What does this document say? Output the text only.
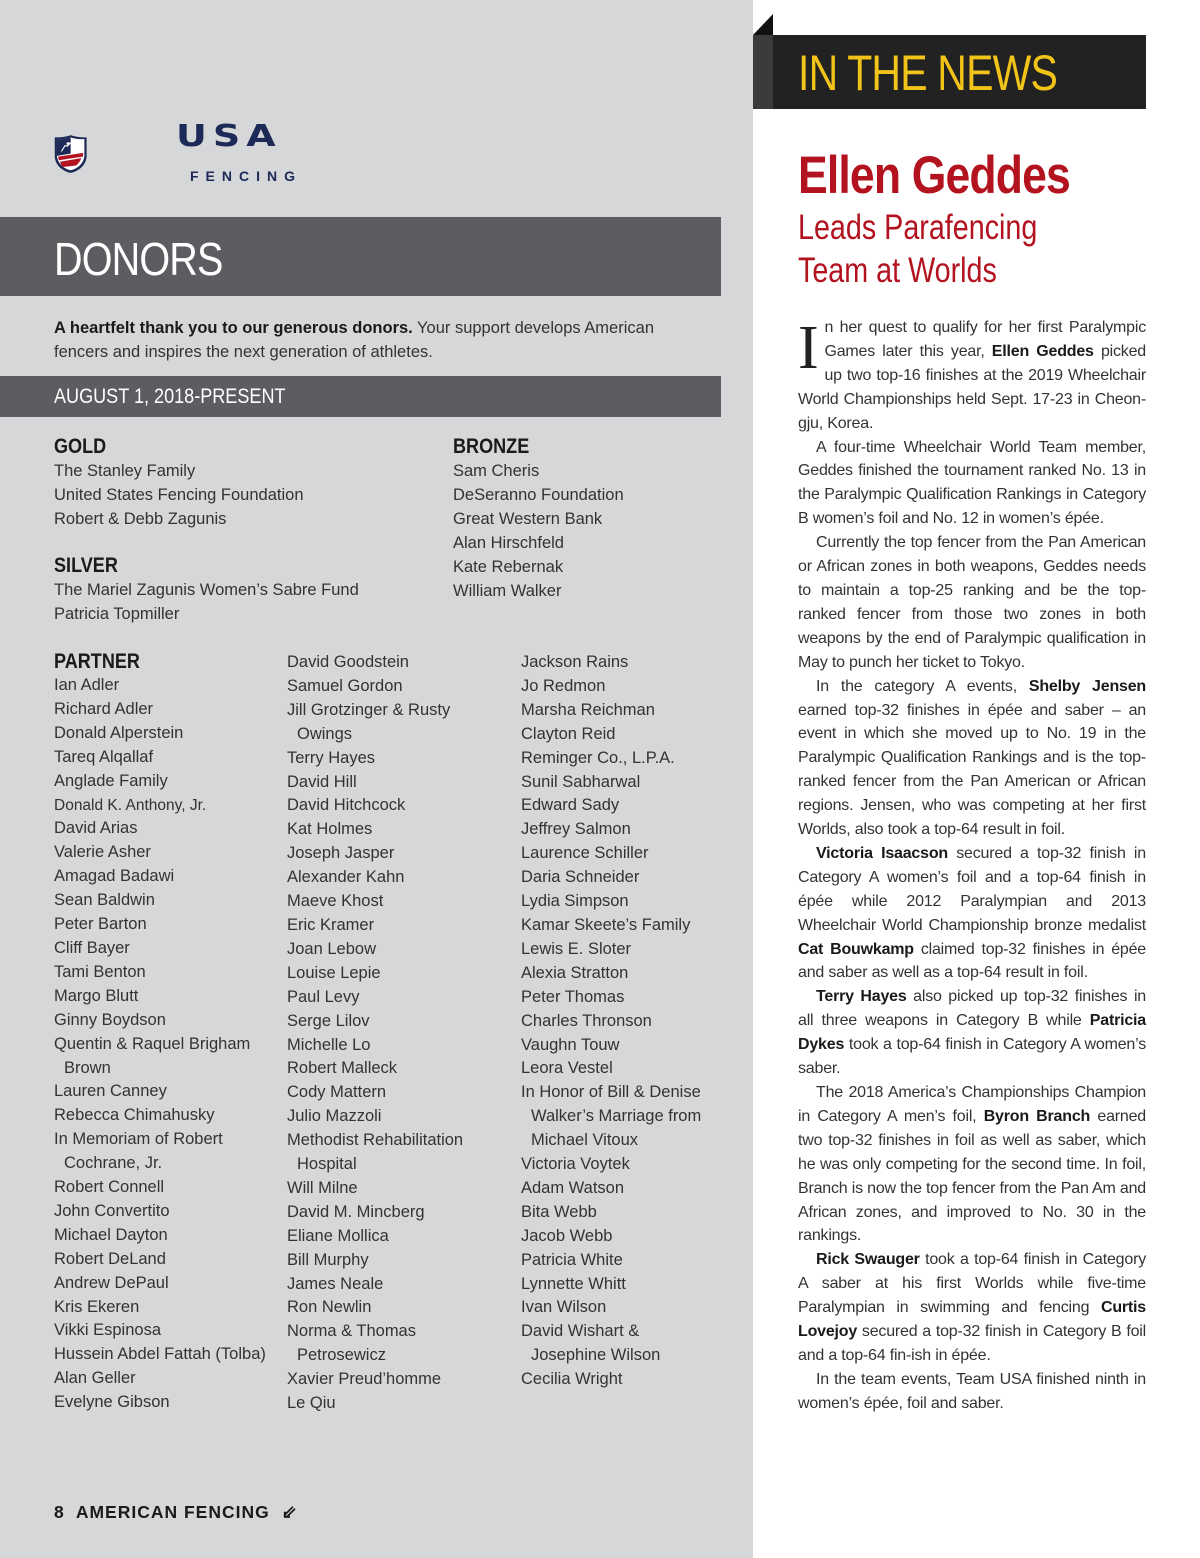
USA
FENCING
DONORS
A heartfelt thank you to our generous donors. Your support develops American fencers and inspires the next generation of athletes.
AUGUST 1, 2018-PRESENT
GOLD
The Stanley Family
United States Fencing Foundation
Robert & Debb Zagunis
SILVER
The Mariel Zagunis Women’s Sabre Fund
Patricia Topmiller
BRONZE
Sam Cheris
DeSeranno Foundation
Great Western Bank
Alan Hirschfeld
Kate Rebernak
William Walker
PARTNER
Ian Adler
Richard Adler
Donald Alperstein
Tareq Alqallaf
Anglade Family
Donald K. Anthony, Jr.
David Arias
Valerie Asher
Amagad Badawi
Sean Baldwin
Peter Barton
Cliff Bayer
Tami Benton
Margo Blutt
Ginny Boydson
Quentin & Raquel Brigham
Brown
Lauren Canney
Rebecca Chimahusky
In Memoriam of Robert
Cochrane, Jr.
Robert Connell
John Convertito
Michael Dayton
Robert DeLand
Andrew DePaul
Kris Ekeren
Vikki Espinosa
Hussein Abdel Fattah (Tolba)
Alan Geller
Evelyne Gibson
David Goodstein
Samuel Gordon
Jill Grotzinger & Rusty
Owings
Terry Hayes
David Hill
David Hitchcock
Kat Holmes
Joseph Jasper
Alexander Kahn
Maeve Khost
Eric Kramer
Joan Lebow
Louise Lepie
Paul Levy
Serge Lilov
Michelle Lo
Robert Malleck
Cody Mattern
Julio Mazzoli
Methodist Rehabilitation
Hospital
Will Milne
David M. Mincberg
Eliane Mollica
Bill Murphy
James Neale
Ron Newlin
Norma & Thomas
Petrosewicz
Xavier Preud’homme
Le Qiu
Jackson Rains
Jo Redmon
Marsha Reichman
Clayton Reid
Reminger Co., L.P.A.
Sunil Sabharwal
Edward Sady
Jeffrey Salmon
Laurence Schiller
Daria Schneider
Lydia Simpson
Kamar Skeete’s Family
Lewis E. Sloter
Alexia Stratton
Peter Thomas
Charles Thronson
Vaughn Touw
Leora Vestel
In Honor of Bill & Denise
Walker’s Marriage from
Michael Vitoux
Victoria Voytek
Adam Watson
Bita Webb
Jacob Webb
Patricia White
Lynnette Whitt
Ivan Wilson
David Wishart &
Josephine Wilson
Cecilia Wright
8 AMERICAN FENCING ⇙
IN THE NEWS
Ellen Geddes
Leads Parafencing
Team at Worlds

In her quest to qualify for her first Paralympic Games later this year, Ellen Geddes picked up two top-16 finishes at the 2019 Wheelchair World Championships held Sept. 17-23 in Cheon-gju, Korea.

A four-time Wheelchair World Team member, Geddes finished the tournament ranked No. 13 in the Paralympic Qualification Rankings in Category B women’s foil and No. 12 in women’s épée.

Currently the top fencer from the Pan American or African zones in both weapons, Geddes needs to maintain a top-25 ranking and be the top-ranked fencer from those two zones in both weapons by the end of Paralympic qualification in May to punch her ticket to Tokyo.

In the category A events, Shelby Jensen earned top-32 finishes in épée and saber – an event in which she moved up to No. 19 in the Paralympic Qualification Rankings and is the top-ranked fencer from the Pan American or African regions. Jensen, who was competing at her first Worlds, also took a top-64 result in foil.

Victoria Isaacson secured a top-32 finish in Category A women’s foil and a top-64 finish in épée while 2012 Paralympian and 2013 Wheelchair World Championship bronze medalist Cat Bouwkamp claimed top-32 finishes in épée and saber as well as a top-64 result in foil.

Terry Hayes also picked up top-32 finishes in all three weapons in Category B while Patricia Dykes took a top-64 finish in Category A women’s saber.

The 2018 America’s Championships Champion in Category A men’s foil, Byron Branch earned two top-32 finishes in foil as well as saber, which he was only competing for the second time. In foil, Branch is now the top fencer from the Pan Am and African zones, and improved to No. 30 in the rankings.

Rick Swauger took a top-64 finish in Category A saber at his first Worlds while five-time Paralympian in swimming and fencing Curtis Lovejoy secured a top-32 finish in Category B foil and a top-64 fin-ish in épée.

In the team events, Team USA finished ninth in women’s épée, foil and saber.
